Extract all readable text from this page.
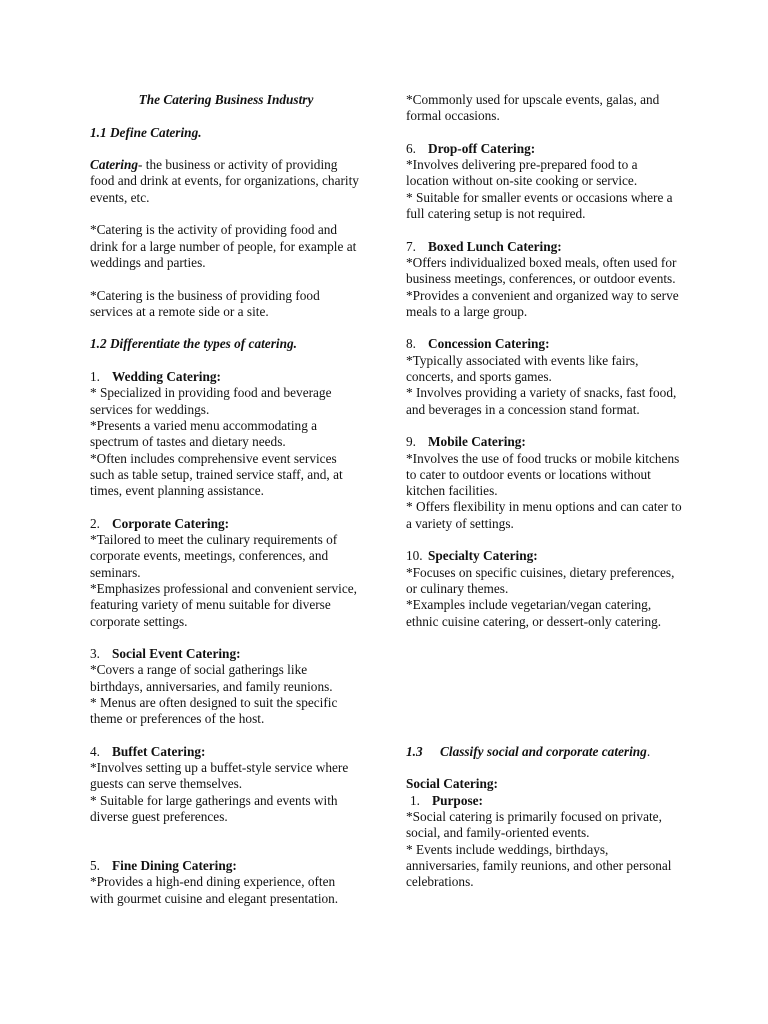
The Catering Business Industry

1.1 Define Catering.

Catering- the business or activity of providing food and drink at events, for organizations, charity events, etc.

*Catering is the activity of providing food and drink for a large number of people, for example at weddings and parties.

*Catering is the business of providing food services at a remote side or a site.

1.2 Differentiate the types of catering.

1. Wedding Catering:

* Specialized in providing food and beverage services for weddings.

*Presents a varied menu accommodating a spectrum of tastes and dietary needs.

*Often includes comprehensive event services such as table setup, trained service staff, and, at times, event planning assistance.

2. Corporate Catering:

*Tailored to meet the culinary requirements of corporate events, meetings, conferences, and seminars.

*Emphasizes professional and convenient service, featuring variety of menu suitable for diverse corporate settings.

3. Social Event Catering:

*Covers a range of social gatherings like birthdays, anniversaries, and family reunions.

* Menus are often designed to suit the specific theme or preferences of the host.

4. Buffet Catering:

*Involves setting up a buffet-style service where guests can serve themselves.

* Suitable for large gatherings and events with diverse guest preferences.

5. Fine Dining Catering:

*Provides a high-end dining experience, often with gourmet cuisine and elegant presentation.

*Commonly used for upscale events, galas, and formal occasions.

6. Drop-off Catering:

*Involves delivering pre-prepared food to a location without on-site cooking or service.

* Suitable for smaller events or occasions where a full catering setup is not required.

7. Boxed Lunch Catering:

*Offers individualized boxed meals, often used for business meetings, conferences, or outdoor events.

*Provides a convenient and organized way to serve meals to a large group.

8. Concession Catering:

*Typically associated with events like fairs, concerts, and sports games.

* Involves providing a variety of snacks, fast food, and beverages in a concession stand format.

9. Mobile Catering:

*Involves the use of food trucks or mobile kitchens to cater to outdoor events or locations without kitchen facilities.

* Offers flexibility in menu options and can cater to a variety of settings.

10. Specialty Catering:

*Focuses on specific cuisines, dietary preferences, or culinary themes.

*Examples include vegetarian/vegan catering, ethnic cuisine catering, or dessert-only catering.

1.3 Classify social and corporate catering.

Social Catering:

1. Purpose:

*Social catering is primarily focused on private, social, and family-oriented events.

* Events include weddings, birthdays, anniversaries, family reunions, and other personal celebrations.
